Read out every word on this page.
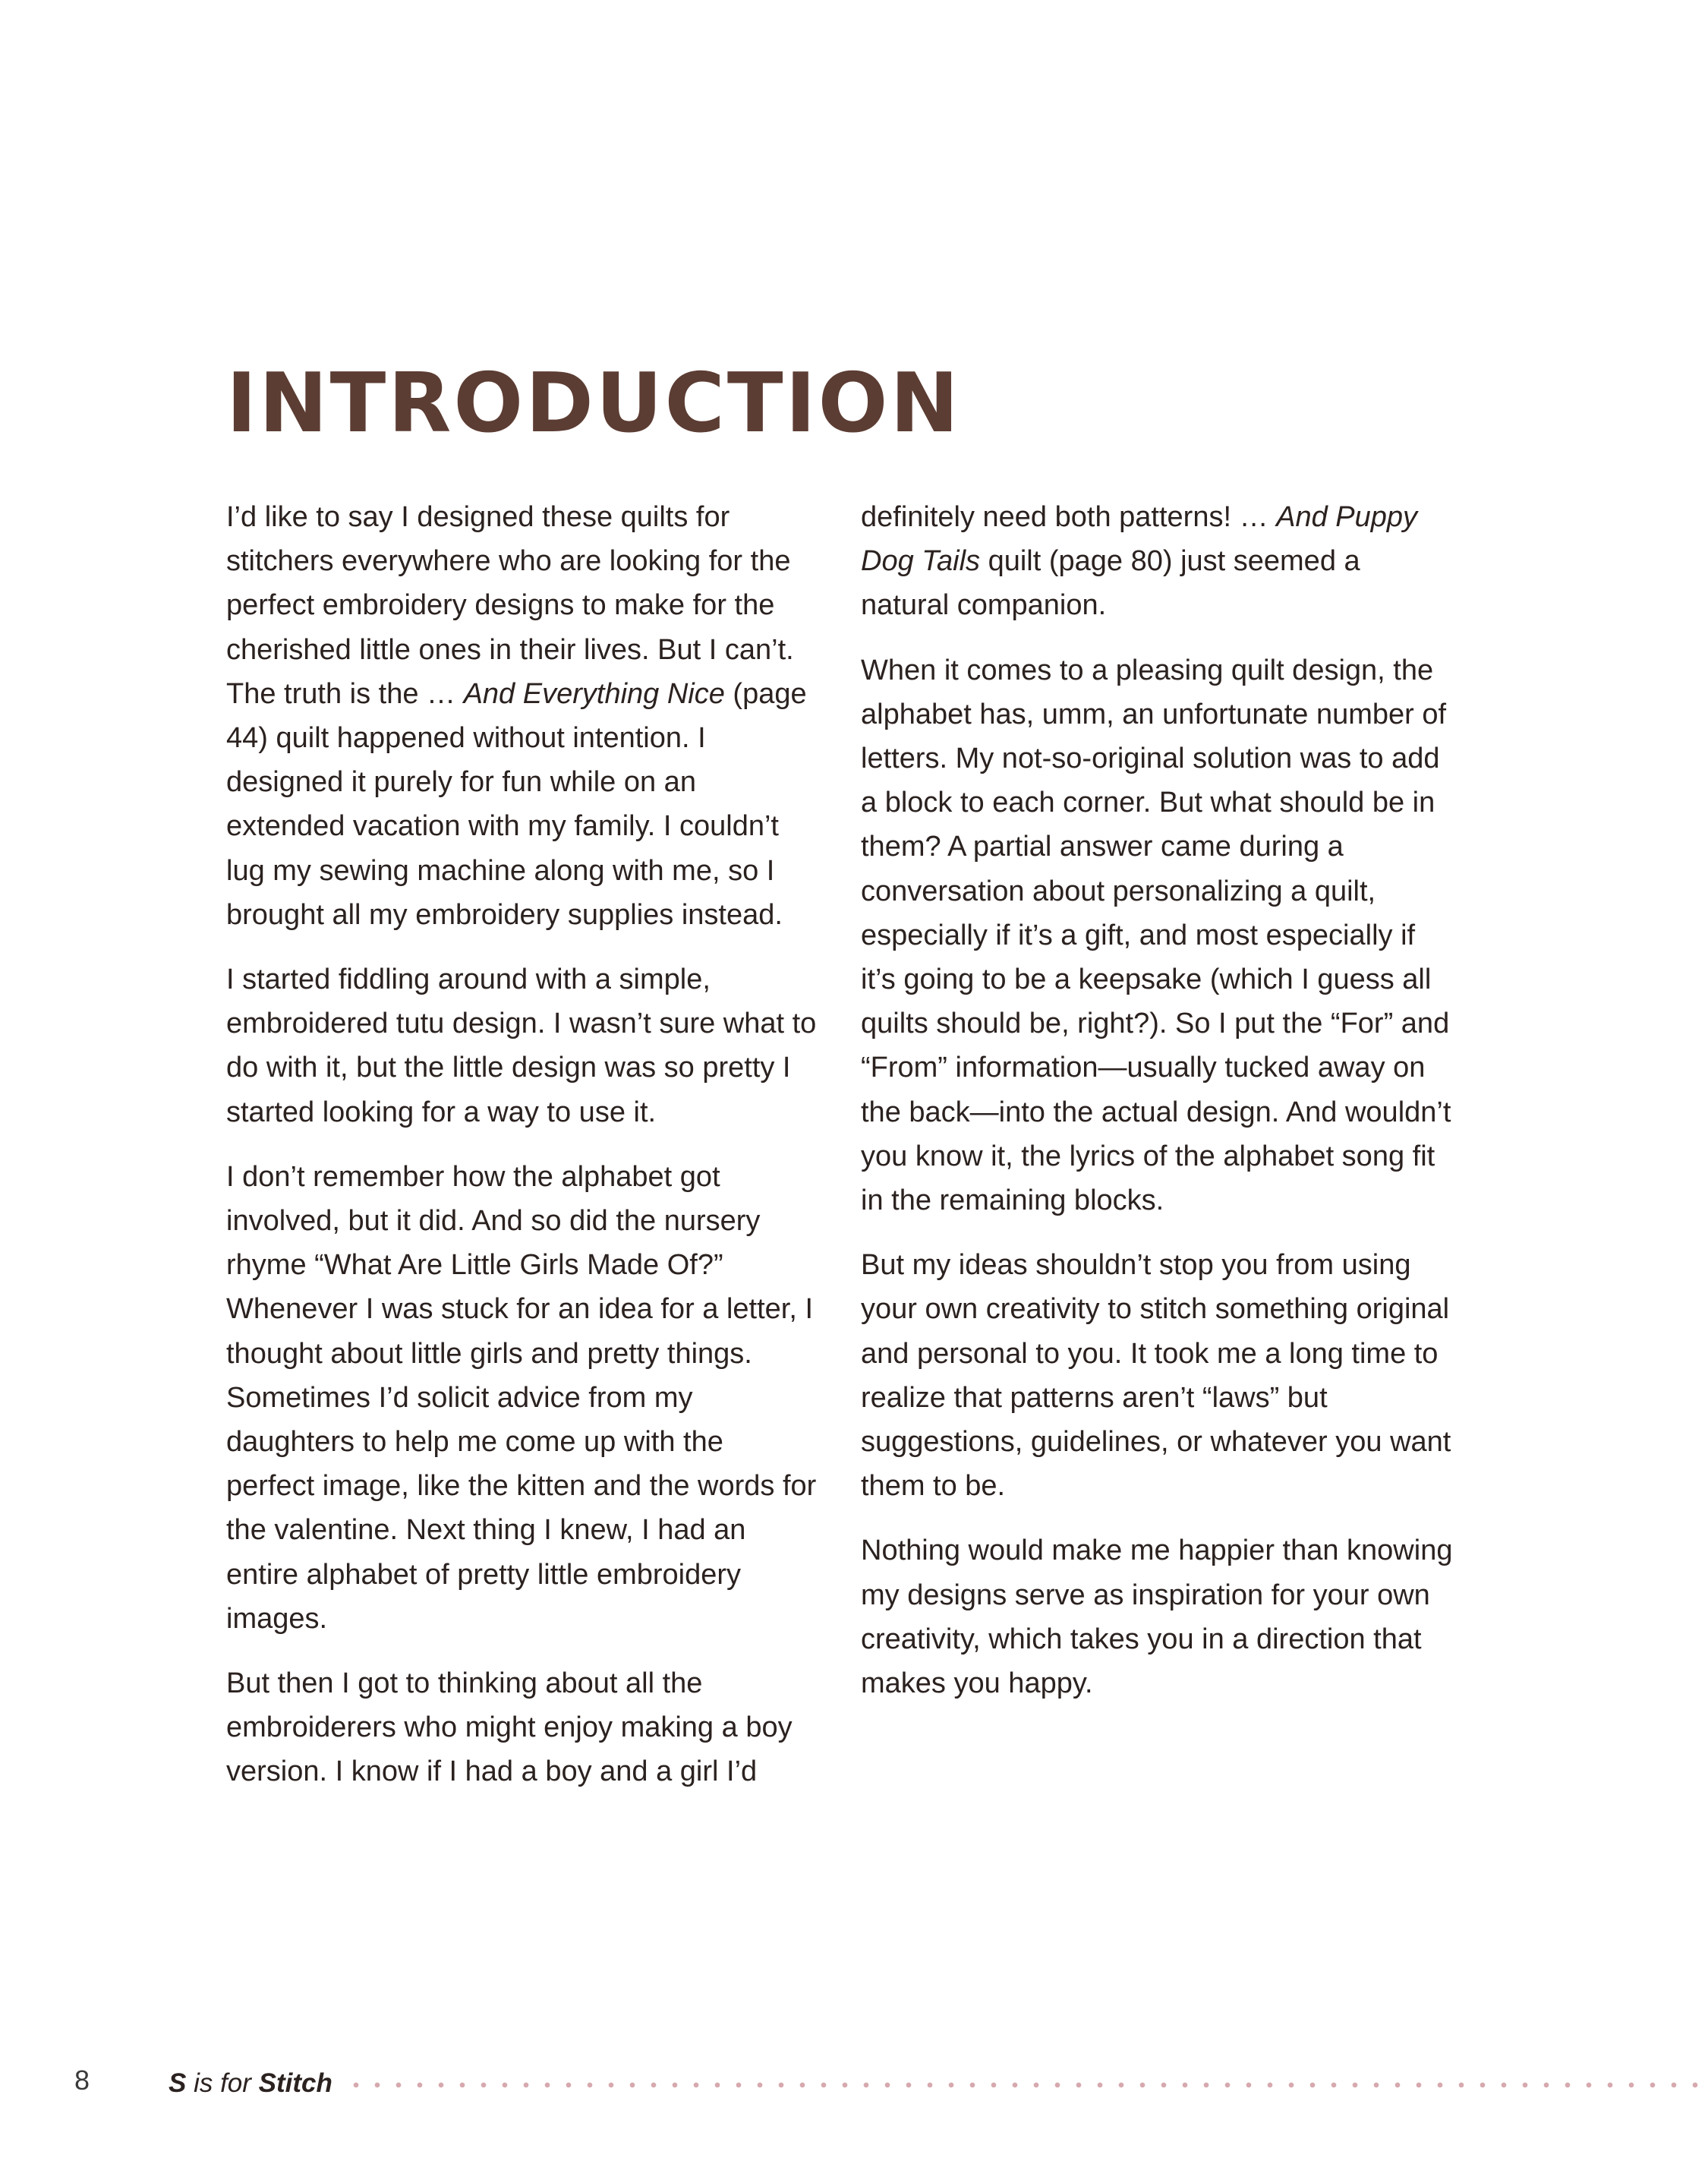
INTRODUCTION

I’d like to say I designed these quilts for stitchers everywhere who are looking for the perfect embroidery designs to make for the cherished little ones in their lives. But I can’t. The truth is the … And Everything Nice (page 44) quilt happened without intention. I designed it purely for fun while on an extended vacation with my family. I couldn’t lug my sewing machine along with me, so I brought all my embroidery supplies instead.

I started fiddling around with a simple, embroidered tutu design. I wasn’t sure what to do with it, but the little design was so pretty I started looking for a way to use it.

I don’t remember how the alphabet got involved, but it did. And so did the nursery rhyme “What Are Little Girls Made Of?” Whenever I was stuck for an idea for a letter, I thought about little girls and pretty things. Sometimes I’d solicit advice from my daughters to help me come up with the perfect image, like the kitten and the words for the valentine. Next thing I knew, I had an entire alphabet of pretty little embroidery images.

But then I got to thinking about all the embroiderers who might enjoy making a boy version. I know if I had a boy and a girl I’d

definitely need both patterns! … And Puppy Dog Tails quilt (page 80) just seemed a natural companion.

When it comes to a pleasing quilt design, the alphabet has, umm, an unfortunate number of letters. My not-so-original solution was to add a block to each corner. But what should be in them? A partial answer came during a conversation about personalizing a quilt, especially if it’s a gift, and most especially if it’s going to be a keepsake (which I guess all quilts should be, right?). So I put the “For” and “From” information—usually tucked away on the back—into the actual design. And wouldn’t you know it, the lyrics of the alphabet song fit in the remaining blocks.

But my ideas shouldn’t stop you from using your own creativity to stitch something original and personal to you. It took me a long time to realize that patterns aren’t “laws” but suggestions, guidelines, or whatever you want them to be.

Nothing would make me happier than knowing my designs serve as inspiration for your own creativity, which takes you in a direction that makes you happy.

8	S is for Stitch
